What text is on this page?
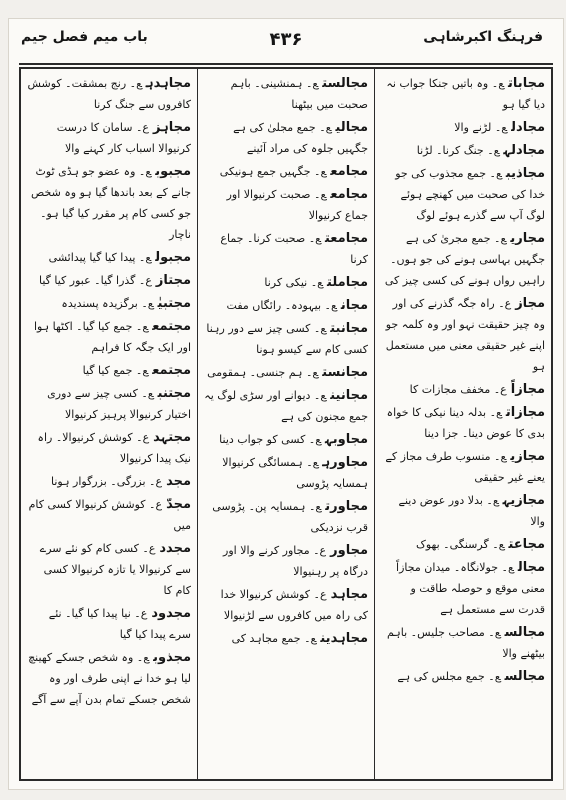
فرہنگ اکبرشاہی
۴۳۶
باب میم فصل جیم
مجاباتع۔ وہ باتیں جنکا جواب نہ دیا گیا ہو
مجادلع۔ لڑنے والا
مجادلہع۔ جنگ کرنا۔ لڑنا
مجاذیبع۔ جمع مجذوب کی جو خدا کی صحبت میں کھنچے ہوئے لوگ آپ سے گذرے ہوئے لوگ
مجاریع۔ جمع مجریٰ کی ہے جگہیں بہاسی ہونے کی جو ہوں۔ راہیں رواں ہونے کی کسی چیز کی
مجازع۔ راہ جگہ گذرنے کی اور وہ چیز حقیقت نہو اور وہ کلمہ جو اپنے غیر حقیقی معنی میں مستعمل ہو
مجازاًع۔ مخفف مجازات کا
مجازاتع۔ بدلہ دینا نیکی کا خواہ بدی کا عوض دینا۔ جزا دینا
مجازیع۔ منسوب طرف مجاز کے یعنے غیر حقیقی
مجازیہع۔ بدلا دور عوض دینے والا
مجاعتع۔ گرسنگی۔ بھوک
مجالع۔ جولانگاہ۔ میدان مجازاً معنی موقع و حوصلہ طاقت و قدرت سے مستعمل ہے
مجالسع۔ مصاحب جلیس۔ باہم بیٹھنے والا
مجالسع۔ جمع مجلس کی ہے
مجالستع۔ ہمنشینی۔ باہم صحبت میں بیٹھنا
مجالیع۔ جمع مجلیٰ کی ہے جگہیں جلوہ کی مراد آئینے
مجامعع۔ جگہیں جمع ہونیکی
مجامعع۔ صحبت کرنیوالا اور جماع کرنیوالا
مجامعتع۔ صحبت کرنا۔ جماع کرنا
مجاملتع۔ نیکی کرنا
مجانع۔ بیہودہ۔ رائگاں مفت
مجانبتع۔ کسی چیز سے دور رہنا کسی کام سے کیسو ہونا
مجانستع۔ ہم جنسی۔ ہمقومی
مجانینع۔ دیوانے اور سڑی لوگ یہ جمع مجنون کی ہے
مجاوبہع۔ کسی کو جواب دینا
مجاورہع۔ ہمسائگی کرنیوالا ہمسایہ پڑوسی
مجاورتع۔ ہمسایہ پن۔ پڑوسی قرب نزدیکی
مجاورع۔ مجاور کرنے والا اور درگاہ پر رہنیوالا
مجاہدع۔ کوشش کرنیوالا خدا کی راہ میں کافروں سے لڑنیوالا
مجاہدینع۔ جمع مجاہد کی
مجاہدہع۔ رنج بمشقت۔ کوشش کافروں سے جنگ کرنا
مجاہزع۔ سامان کا درست کرنیوالا اسباب کار کہنے والا
مجبوبع۔ وہ عضو جو ہڈی ٹوٹ جانے کے بعد باندھا گیا ہو وہ شخص جو کسی کام پر مقرر کیا گیا ہو۔ ناچار
مجبولع۔ پیدا کیا گیا پیدائشی
مجتازع۔ گذرا گیا۔ عبور کیا گیا
مجتبیٰع۔ برگزیدہ پسندیدہ
مجتمعع۔ جمع کیا گیا۔ اکٹھا ہوا اور ایک جگہ کا فراہم
مجتمعع۔ جمع کیا گیا
مجتنبع۔ کسی چیز سے دوری اختیار کرنیوالا پرہیز کرنیوالا
مجتہدع۔ کوشش کرنیوالا۔ راہ نیک پیدا کرنیوالا
مجدع۔ بزرگی۔ بزرگوار ہونا
مجدّع۔ کوشش کرنیوالا کسی کام میں
مجددع۔ کسی کام کو نئے سرے سے کرنیوالا یا تازہ کرنیوالا کسی کام کا
مجدودع۔ نیا پیدا کیا گیا۔ نئے سرے پیدا کیا گیا
مجذوبع۔ وہ شخص جسکے کھینچ لیا ہو خدا نے اپنی طرف اور وہ شخص جسکے تمام بدن آپے سے آگے
